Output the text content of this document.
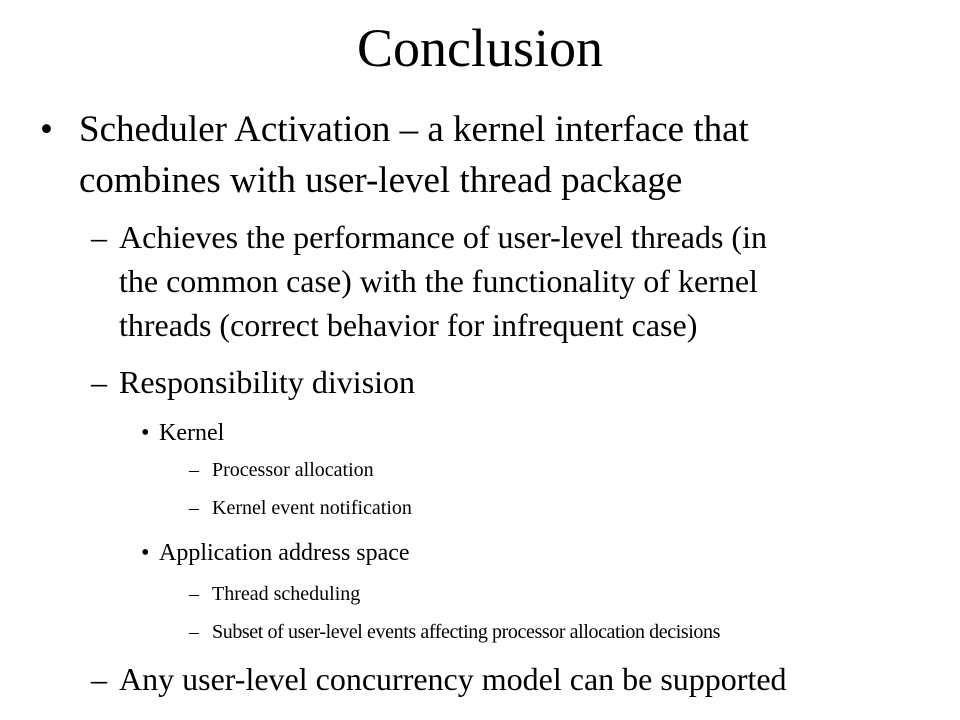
Conclusion
• Scheduler Activation – a kernel interface that
combines with user-level thread package
– Achieves the performance of user-level threads (in
the common case) with the functionality of kernel
threads (correct behavior for infrequent case)
– Responsibility division
• Kernel
– Processor allocation
– Kernel event notification
• Application address space
– Thread scheduling
– Subset of user-level events affecting processor allocation decisions
– Any user-level concurrency model can be supported
